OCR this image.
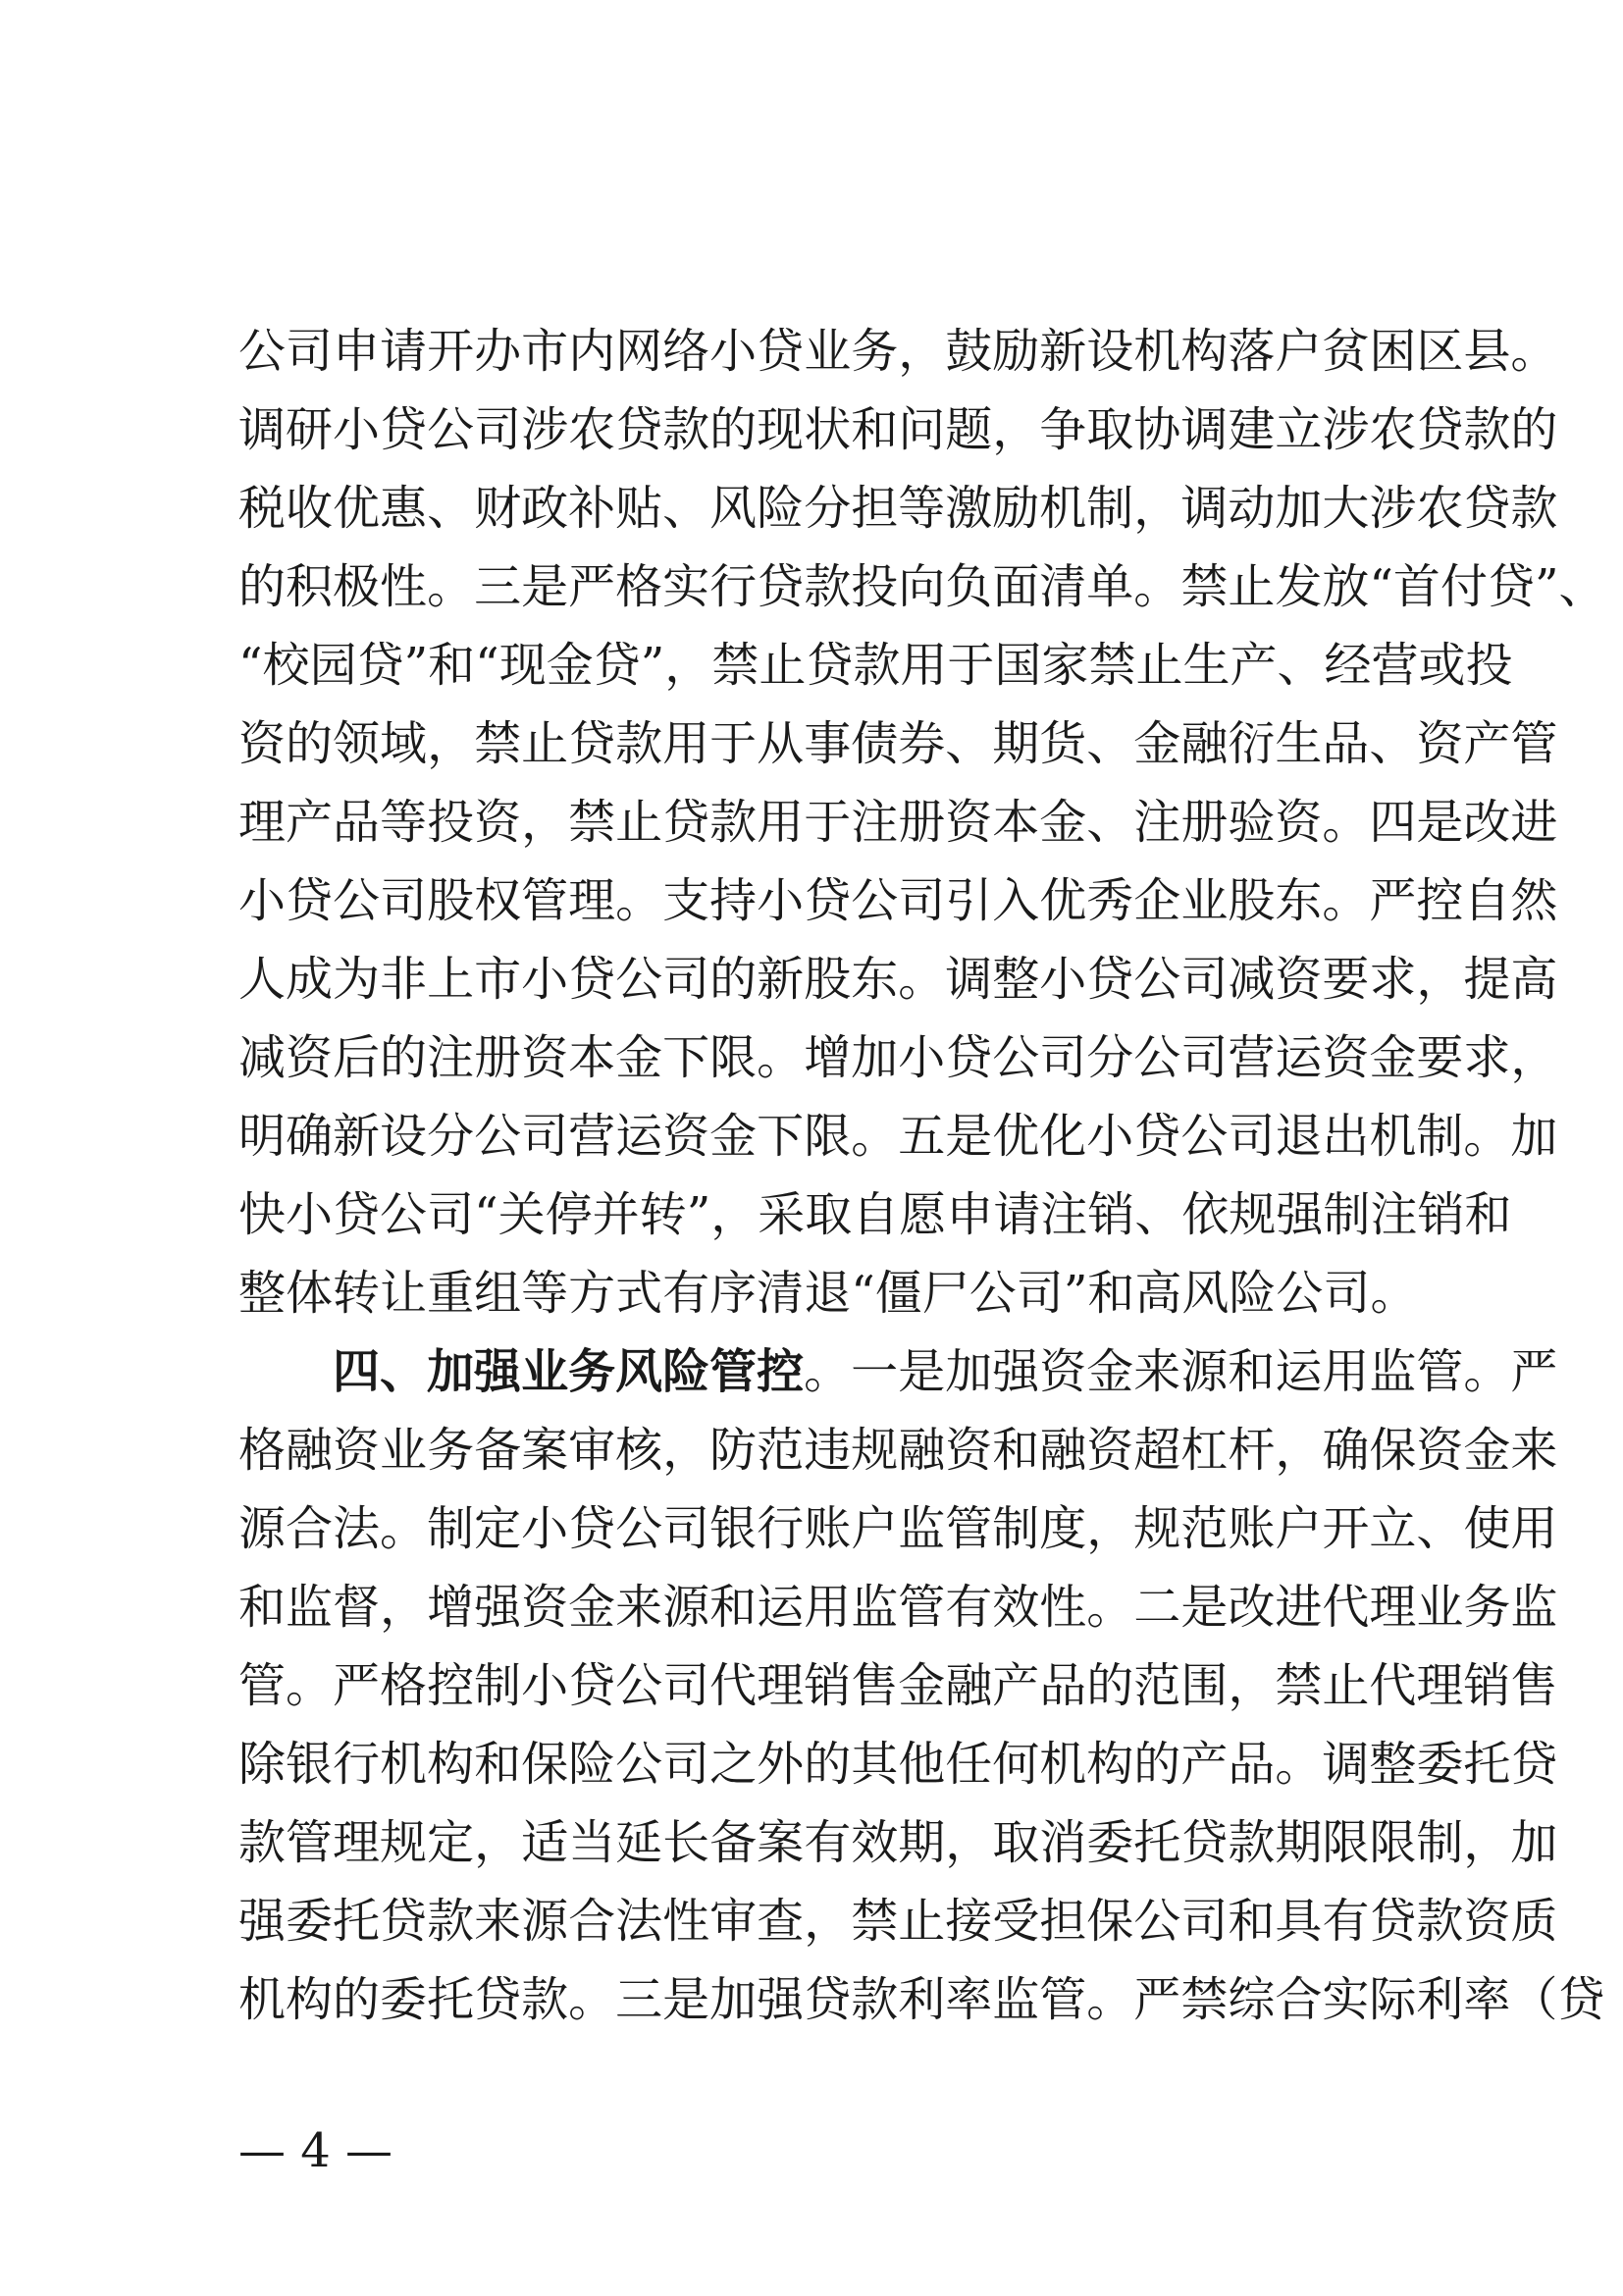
公 司 申 请 开 办 市 内 网 络 小 贷 业 务 ， 鼓 励 新 设 机 构 落 户 贫 困 区 县 。
调 研 小 贷 公 司 涉 农 贷 款 的 现 状 和 问 题 ， 争 取 协 调 建 立 涉 农 贷 款 的
税 收 优 惠 、 财 政 补 贴 、 风 险 分 担 等 激 励 机 制 ， 调 动 加 大 涉 农 贷 款
的 积 极 性 。 三 是 严 格 实 行 贷 款 投 向 负 面 清 单 。 禁 止 发 放 “ 首 付 贷 ” 、
“ 校 园 贷 ” 和 “ 现 金 贷 ” ， 禁 止 贷 款 用 于 国 家 禁 止 生 产 、 经 营 或 投
资 的 领 域 ， 禁 止 贷 款 用 于 从 事 债 券 、 期 货 、 金 融 衍 生 品 、 资 产 管
理 产 品 等 投 资 ， 禁 止 贷 款 用 于 注 册 资 本 金 、 注 册 验 资 。 四 是 改 进
小 贷 公 司 股 权 管 理 。 支 持 小 贷 公 司 引 入 优 秀 企 业 股 东 。 严 控 自 然
人 成 为 非 上 市 小 贷 公 司 的 新 股 东 。 调 整 小 贷 公 司 减 资 要 求 ， 提 高
减 资 后 的 注 册 资 本 金 下 限 。 增 加 小 贷 公 司 分 公 司 营 运 资 金 要 求 ，
明 确 新 设 分 公 司 营 运 资 金 下 限 。 五 是 优 化 小 贷 公 司 退 出 机 制 。 加
快 小 贷 公 司 “ 关 停 并 转 ” ， 采 取 自 愿 申 请 注 销 、 依 规 强 制 注 销 和
整 体 转 让 重 组 等 方 式 有 序 清 退 “ 僵 尸 公 司 ” 和 高 风 险 公 司 。
四 、 加 强 业 务 风 险 管 控 。 一 是 加 强 资 金 来 源 和 运 用 监 管 。 严
格 融 资 业 务 备 案 审 核 ， 防 范 违 规 融 资 和 融 资 超 杠 杆 ， 确 保 资 金 来
源 合 法 。 制 定 小 贷 公 司 银 行 账 户 监 管 制 度 ， 规 范 账 户 开 立 、 使 用
和 监 督 ， 增 强 资 金 来 源 和 运 用 监 管 有 效 性 。 二 是 改 进 代 理 业 务 监
管 。 严 格 控 制 小 贷 公 司 代 理 销 售 金 融 产 品 的 范 围 ， 禁 止 代 理 销 售
除 银 行 机 构 和 保 险 公 司 之 外 的 其 他 任 何 机 构 的 产 品 。 调 整 委 托 贷
款 管 理 规 定 ， 适 当 延 长 备 案 有 效 期 ， 取 消 委 托 贷 款 期 限 限 制 ， 加
强 委 托 贷 款 来 源 合 法 性 审 查 ， 禁 止 接 受 担 保 公 司 和 具 有 贷 款 资 质
机 构 的 委 托 贷 款 。 三 是 加 强 贷 款 利 率 监 管 。 严 禁 综 合 实 际 利 率 （ 贷
— 4 —
